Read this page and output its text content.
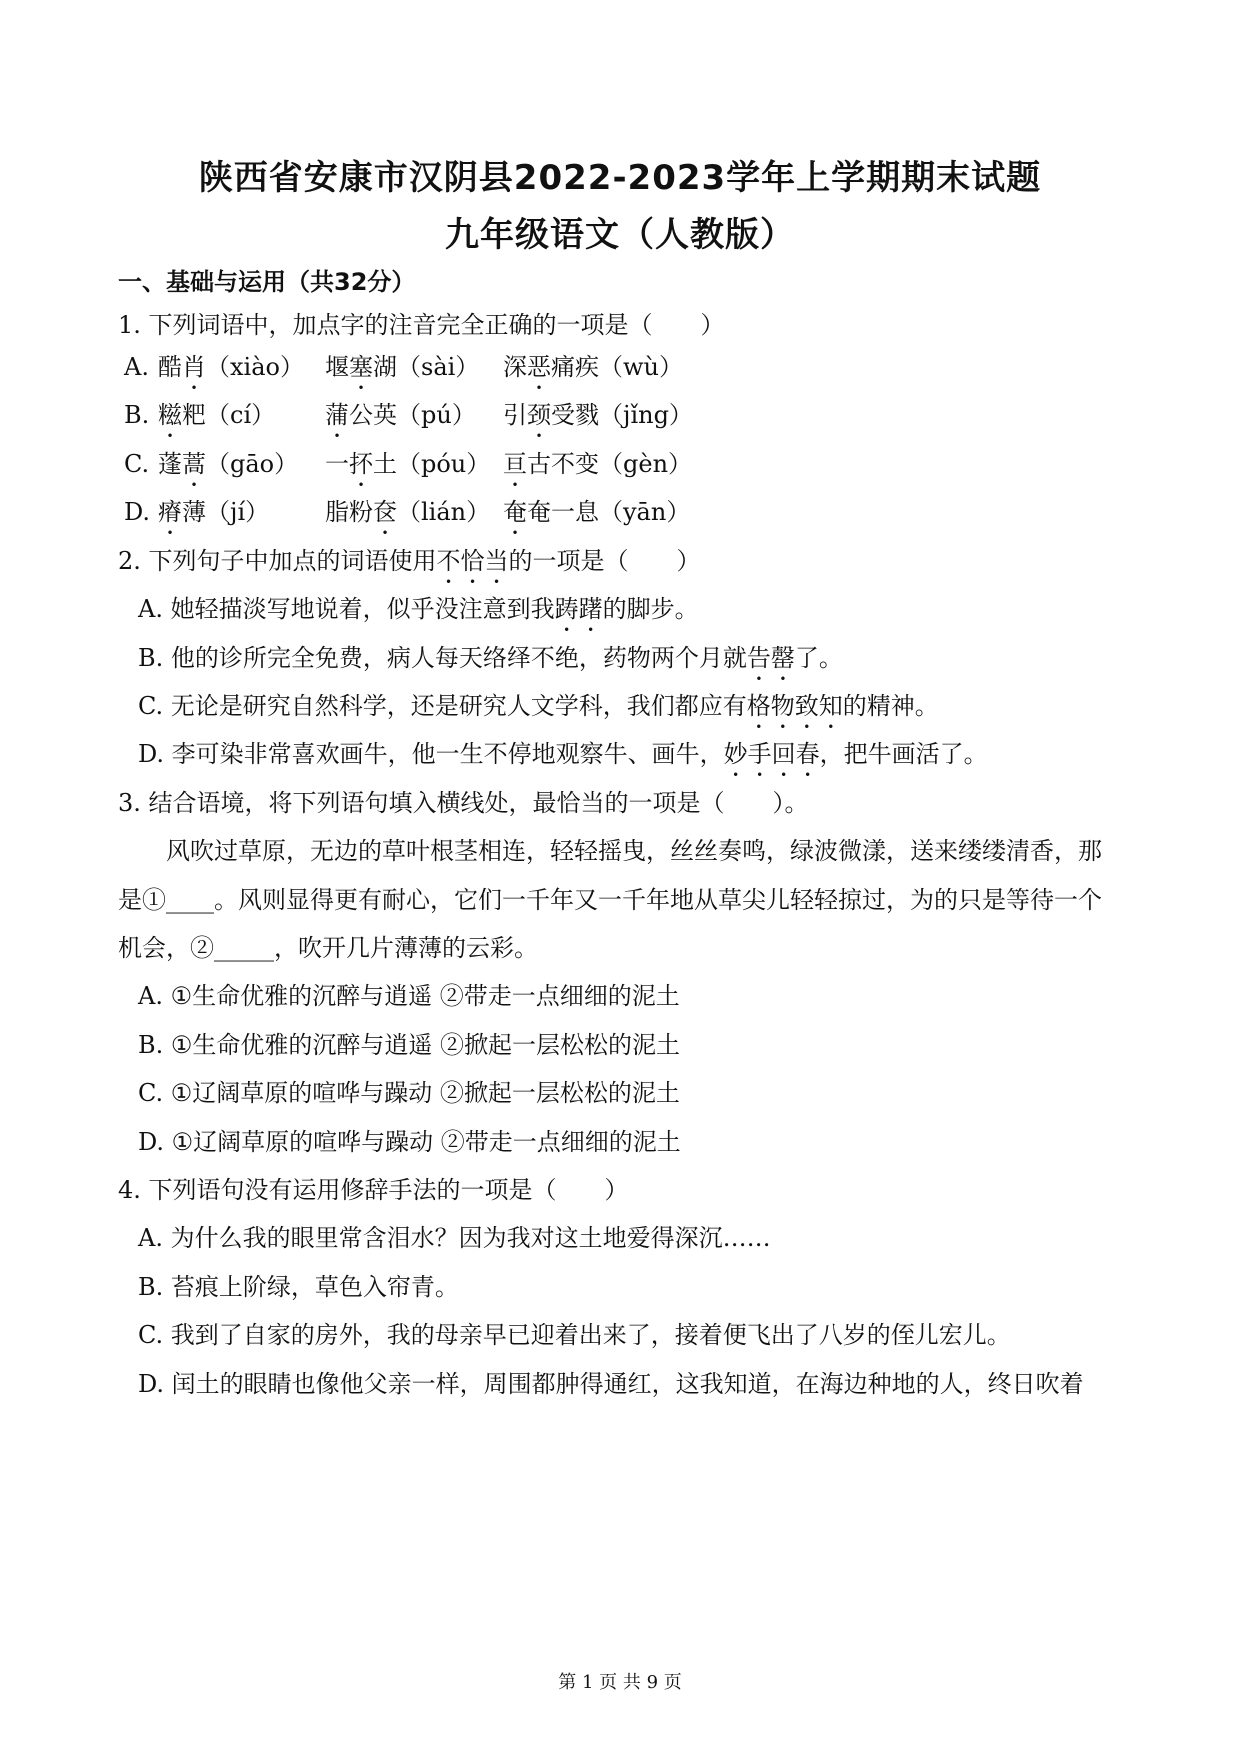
陕西省安康市汉阴县2022-2023学年上学期期末试题
九年级语文（人教版）
一、基础与运用（共32分）
1. 下列词语中，加点字的注音完全正确的一项是（　　）
A. 酷肖（xiào） 堰塞湖（sài） 深恶痛疾（wù）
B. 糍粑（cí） 蒲公英（pú） 引颈受戮（jǐng）
C. 蓬蒿（gāo） 一抔土（póu） 亘古不变（gèn）
D. 瘠薄（jí） 脂粉奁（lián） 奄奄一息（yān）
2. 下列句子中加点的词语使用不恰当的一项是（　　）
A. 她轻描淡写地说着，似乎没注意到我踌躇的脚步。
B. 他的诊所完全免费，病人每天络绎不绝，药物两个月就告罄了。
C. 无论是研究自然科学，还是研究人文学科，我们都应有格物致知的精神。
D. 李可染非常喜欢画牛，他一生不停地观察牛、画牛，妙手回春，把牛画活了。
3. 结合语境，将下列语句填入横线处，最恰当的一项是（　　）。
　　风吹过草原，无边的草叶根茎相连，轻轻摇曳，丝丝奏鸣，绿波微漾，送来缕缕清香，那
是①____。风则显得更有耐心，它们一千年又一千年地从草尖儿轻轻掠过，为的只是等待一个
机会，②_____，吹开几片薄薄的云彩。
A. ①生命优雅的沉醉与逍遥 ②带走一点细细的泥土
B. ①生命优雅的沉醉与逍遥 ②掀起一层松松的泥土
C. ①辽阔草原的喧哗与躁动 ②掀起一层松松的泥土
D. ①辽阔草原的喧哗与躁动 ②带走一点细细的泥土
4. 下列语句没有运用修辞手法的一项是（　　）
A. 为什么我的眼里常含泪水？因为我对这土地爱得深沉……
B. 苔痕上阶绿，草色入帘青。
C. 我到了自家的房外，我的母亲早已迎着出来了，接着便飞出了八岁的侄儿宏儿。
D. 闰土的眼睛也像他父亲一样，周围都肿得通红，这我知道，在海边种地的人，终日吹着
第 1 页 共 9 页
